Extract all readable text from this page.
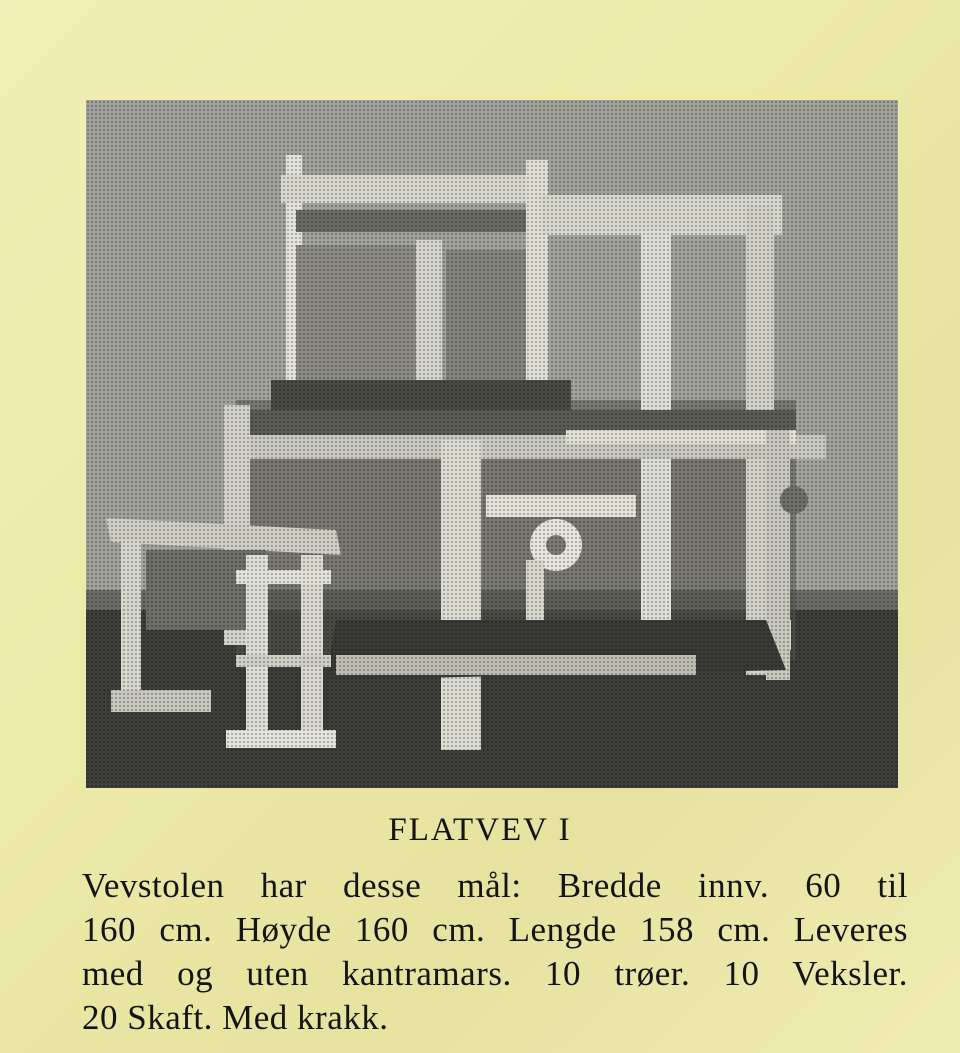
FLATVEV I
Vevstolen har desse mål: Bredde innv. 60 til
160 cm. Høyde 160 cm. Lengde 158 cm. Leveres
med og uten kantramars. 10 trøer. 10 Veksler.
20 Skaft. Med krakk.
